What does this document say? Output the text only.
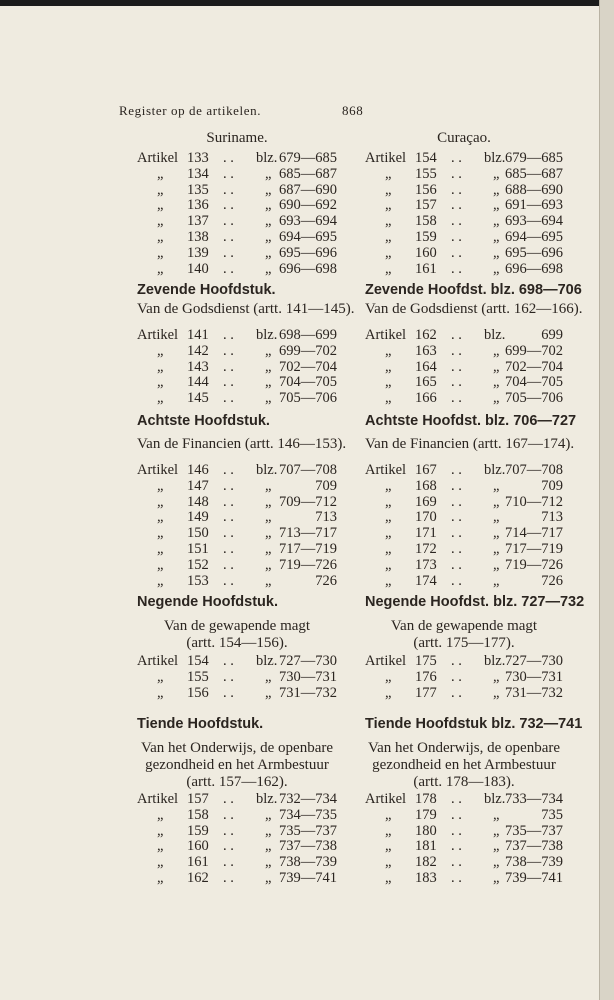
Register op de artikelen.	868
Suriname.
Artikel 133 . . blz. 679—685
„ 134 . . „ 685—687
„ 135 . . „ 687—690
„ 136 . . „ 690—692
„ 137 . . „ 693—694
„ 138 . . „ 694—695
„ 139 . . „ 695—696
„ 140 . . „ 696—698
Zevende Hoofdstuk.
Van de Godsdienst (artt. 141—145).
Artikel 141 . . blz. 698—699
„ 142 . . „ 699—702
„ 143 . . „ 702—704
„ 144 . . „ 704—705
„ 145 . . „ 705—706
Achtste Hoofdstuk.
Van de Financien (artt. 146—153).
Artikel 146 . . blz. 707—708
„ 147 . . „	709
„ 148 . . „ 709—712
„ 149 . . „	713
„ 150 . . „ 713—717
„ 151 . . „ 717—719
„ 152 . . „ 719—726
„ 153 . . „	726
Negende Hoofdstuk.
Van de gewapende magt
(artt. 154—156).
Artikel 154 . . blz. 727—730
„ 155 . . „ 730—731
„ 156 . . „ 731—732
Tiende Hoofdstuk.
Van het Onderwijs, de openbare
gezondheid en het Armbestuur
(artt. 157—162).
Artikel 157 . . blz. 732—734
„ 158 . . „ 734—735
„ 159 . . „ 735—737
„ 160 . . „ 737—738
„ 161 . . „ 738—739
„ 162 . . „ 739—741
Curaçao.
Artikel 154 . . blz. 679—685
„ 155 . . „ 685—687
„ 156 . . „ 688—690
„ 157 . . „ 691—693
„ 158 . . „ 693—694
„ 159 . . „ 694—695
„ 160 . . „ 695—696
„ 161 . . „ 696—698
Zevende Hoofdst. blz. 698—706
Van de Godsdienst (artt. 162—166).
Artikel 162 . . blz. 699
„ 163 . . „ 699—702
„ 164 . . „ 702—704
„ 165 . . „ 704—705
„ 166 . . „ 705—706
Achtste Hoofdst. blz. 706—727
Van de Financien (artt. 167—174).
Artikel 167 . . blz. 707—708
„ 168 . . „	709
„ 169 . . „ 710—712
„ 170 . . „	713
„ 171 . . „ 714—717
„ 172 . . „ 717—719
„ 173 . . „ 719—726
„ 174 . . „	726
Negende Hoofdst. blz. 727—732
Van de gewapende magt
(artt. 175—177).
Artikel 175 . . blz. 727—730
„ 176 . . „ 730—731
„ 177 . . „ 731—732
Tiende Hoofdstuk blz. 732—741
Van het Onderwijs, de openbare
gezondheid en het Armbestuur
(artt. 178—183).
Artikel 178 . . blz. 733—734
„ 179 . . „	735
„ 180 . . „ 735—737
„ 181 . . „ 737—738
„ 182 . . „ 738—739
„ 183 . . „ 739—741
